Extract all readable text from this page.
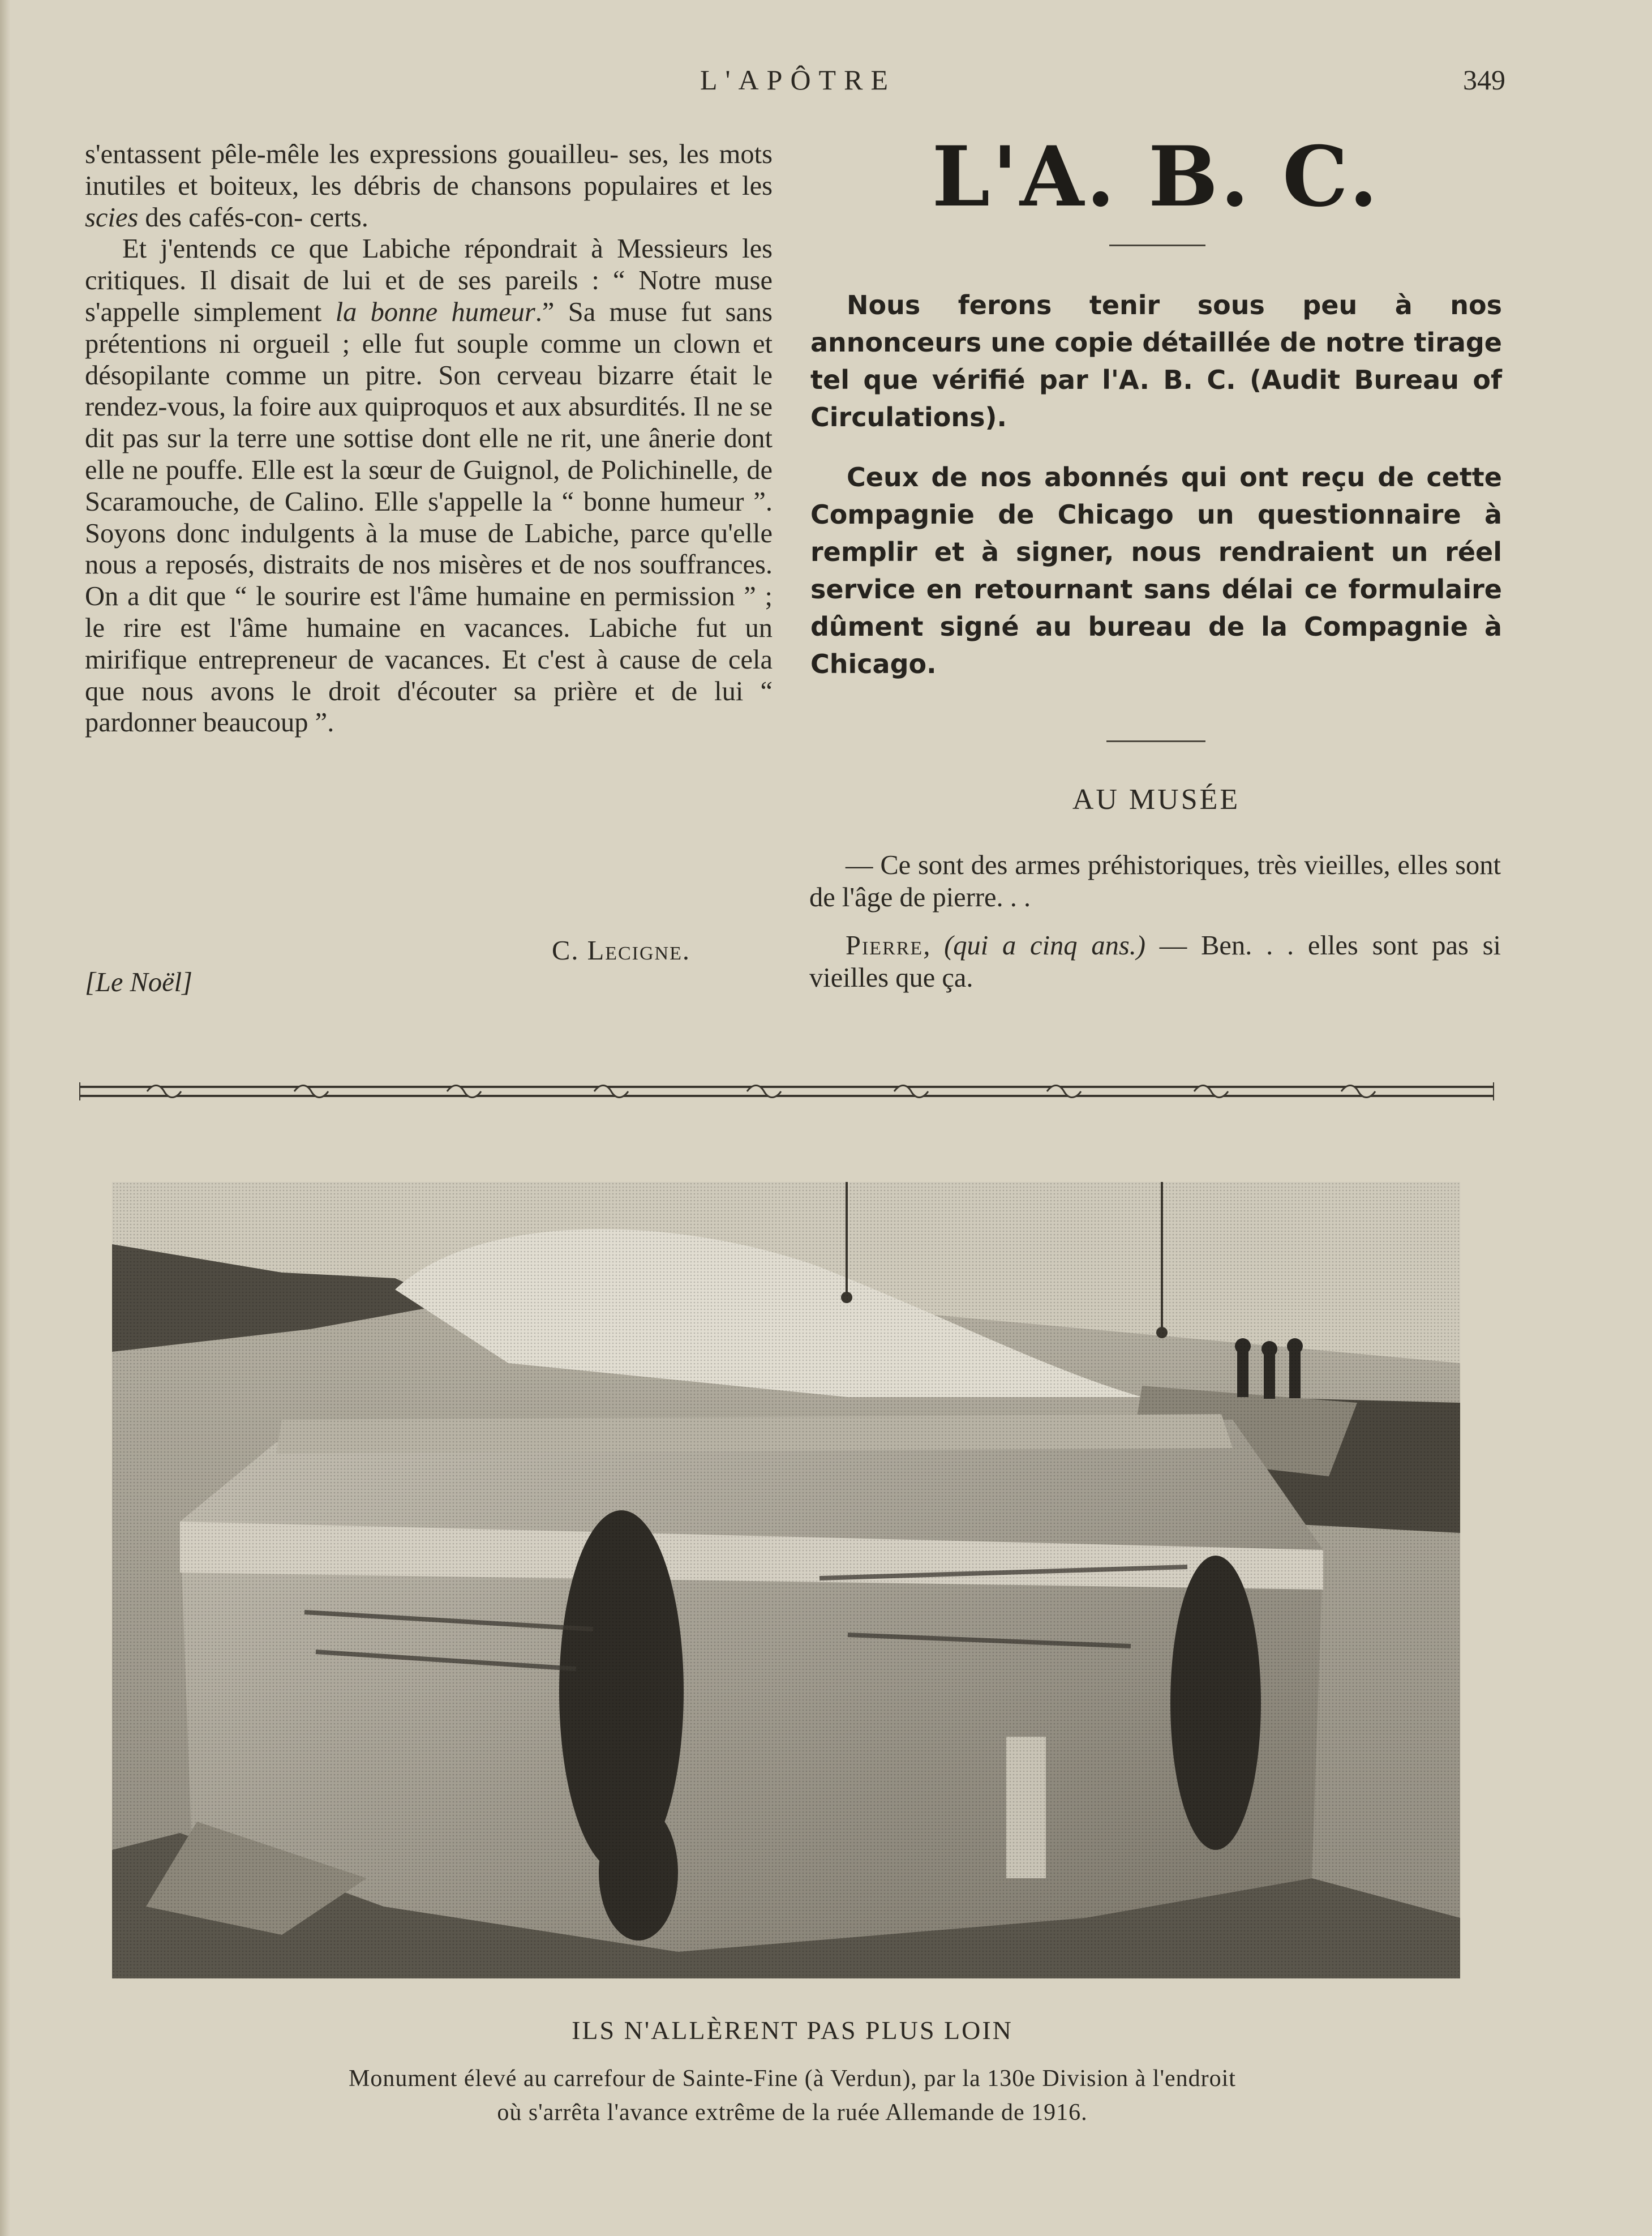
L'APÔTRE	349

s'entassent pêle-mêle les expressions gouailleu- ses, les mots inutiles et boiteux, les débris de chansons populaires et les scies des cafés-con- certs.

Et j'entends ce que Labiche répondrait à Messieurs les critiques. Il disait de lui et de ses pareils : “ Notre muse s'appelle simplement la bonne humeur.” Sa muse fut sans prétentions ni orgueil ; elle fut souple comme un clown et désopilante comme un pitre. Son cerveau bizarre était le rendez-vous, la foire aux quiproquos et aux absurdités. Il ne se dit pas sur la terre une sottise dont elle ne rit, une ânerie dont elle ne pouffe. Elle est la sœur de Guignol, de Polichinelle, de Scaramouche, de Calino. Elle s'appelle la “ bonne humeur ”. Soyons donc indulgents à la muse de Labiche, parce qu'elle nous a reposés, distraits de nos misères et de nos souffrances. On a dit que “ le sourire est l'âme humaine en permission ” ; le rire est l'âme humaine en vacances. Labiche fut un mirifique entrepreneur de vacances. Et c'est à cause de cela que nous avons le droit d'écouter sa prière et de lui “ pardonner beaucoup ”.

C. Lecigne.
[Le Noël]
L'A. B. C.

Nous ferons tenir sous peu à nos annonceurs une copie détaillée de notre tirage tel que vérifié par l'A. B. C. (Audit Bureau of Circulations).

Ceux de nos abonnés qui ont reçu de cette Compagnie de Chicago un questionnaire à remplir et à signer, nous rendraient un réel service en retournant sans délai ce formulaire dûment signé au bureau de la Compagnie à Chicago.

AU MUSÉE

— Ce sont des armes préhistoriques, très vieilles, elles sont de l'âge de pierre. . .

Pierre, (qui a cinq ans.) — Ben. . . elles sont pas si vieilles que ça.

ILS N'ALLÈRENT PAS PLUS LOIN
Monument élevé au carrefour de Sainte-Fine (à Verdun), par la 130e Division à l'endroit
où s'arrêta l'avance extrême de la ruée Allemande de 1916.
